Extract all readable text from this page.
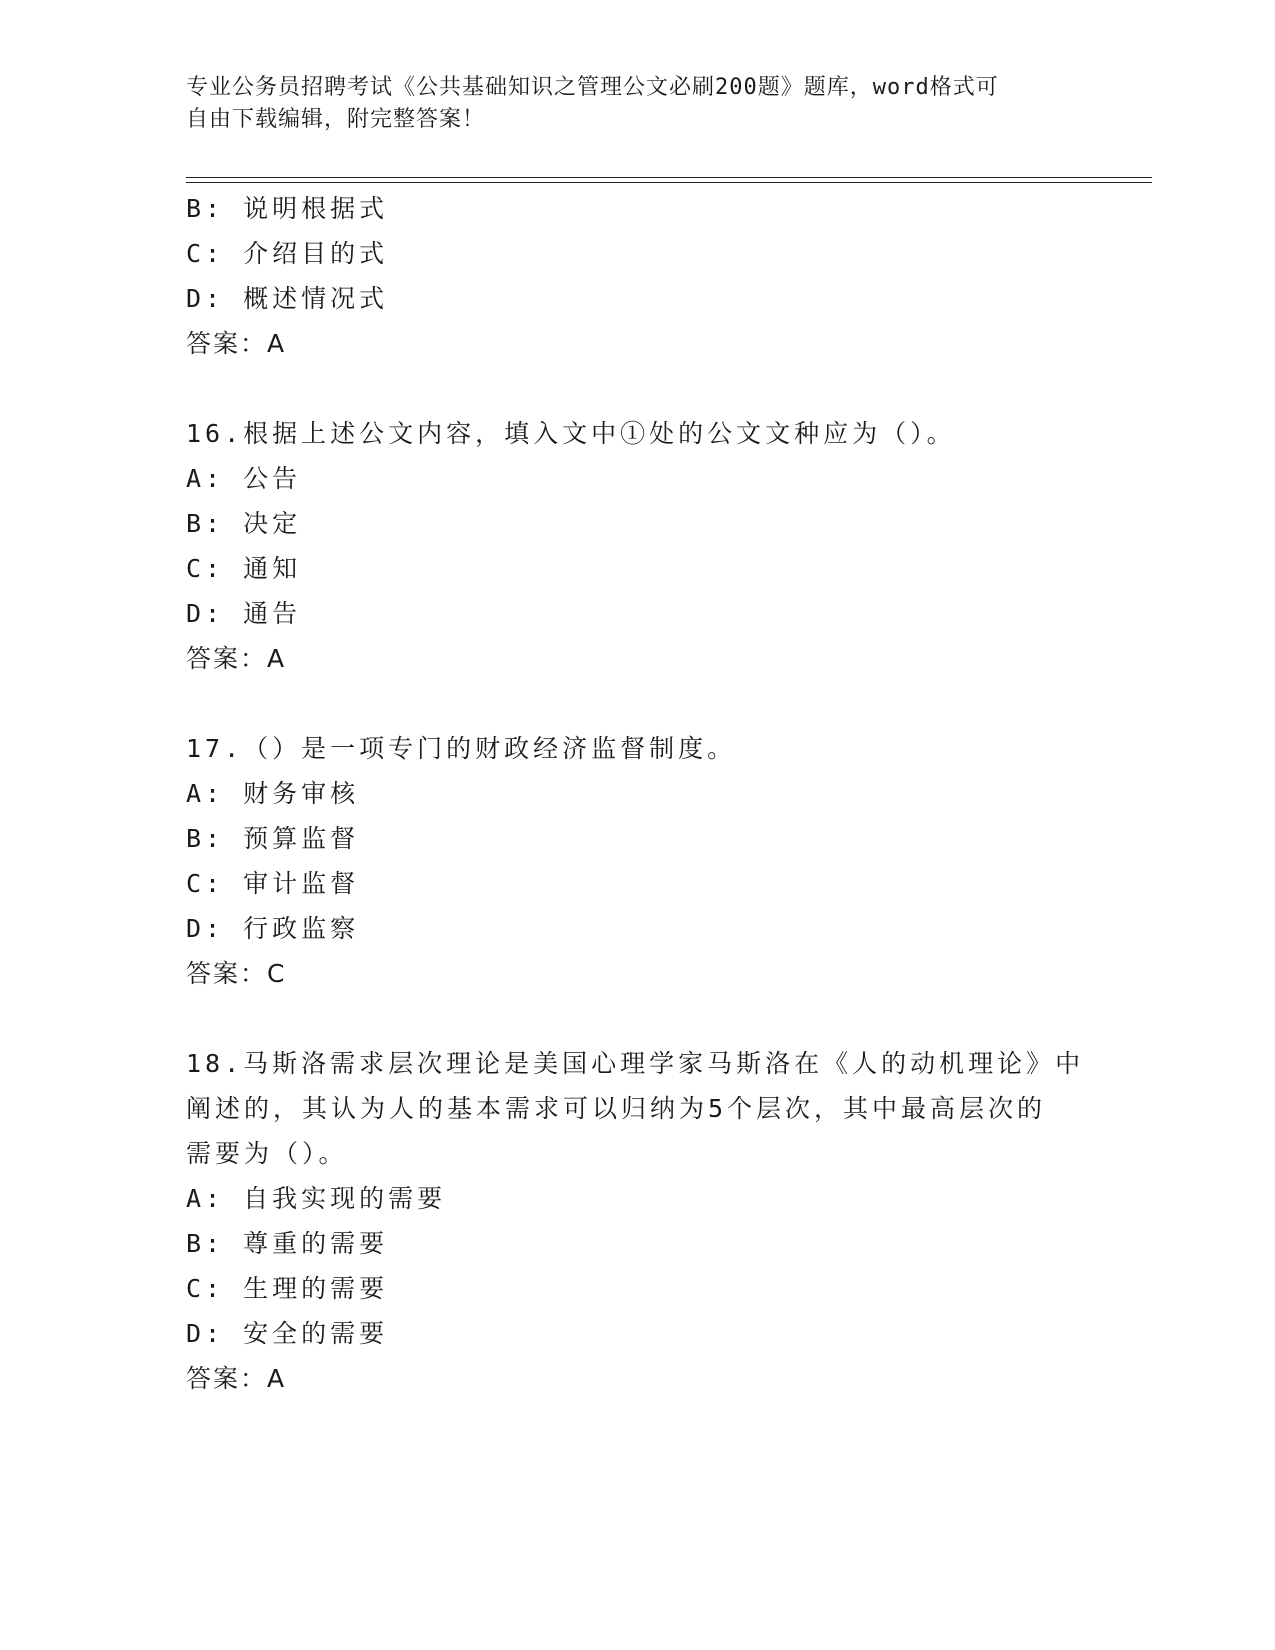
专业公务员招聘考试《公共基础知识之管理公文必刷200题》题库，word格式可
自由下载编辑，附完整答案！
B: 说明根据式
C: 介绍目的式
D: 概述情况式
答案：A
16.根据上述公文内容，填入文中①处的公文文种应为（）。
A: 公告
B: 决定
C: 通知
D: 通告
答案：A
17.（）是一项专门的财政经济监督制度。
A: 财务审核
B: 预算监督
C: 审计监督
D: 行政监察
答案：C
18.马斯洛需求层次理论是美国心理学家马斯洛在《人的动机理论》中
阐述的，其认为人的基本需求可以归纳为5个层次，其中最高层次的
需要为（）。
A: 自我实现的需要
B: 尊重的需要
C: 生理的需要
D: 安全的需要
答案：A
